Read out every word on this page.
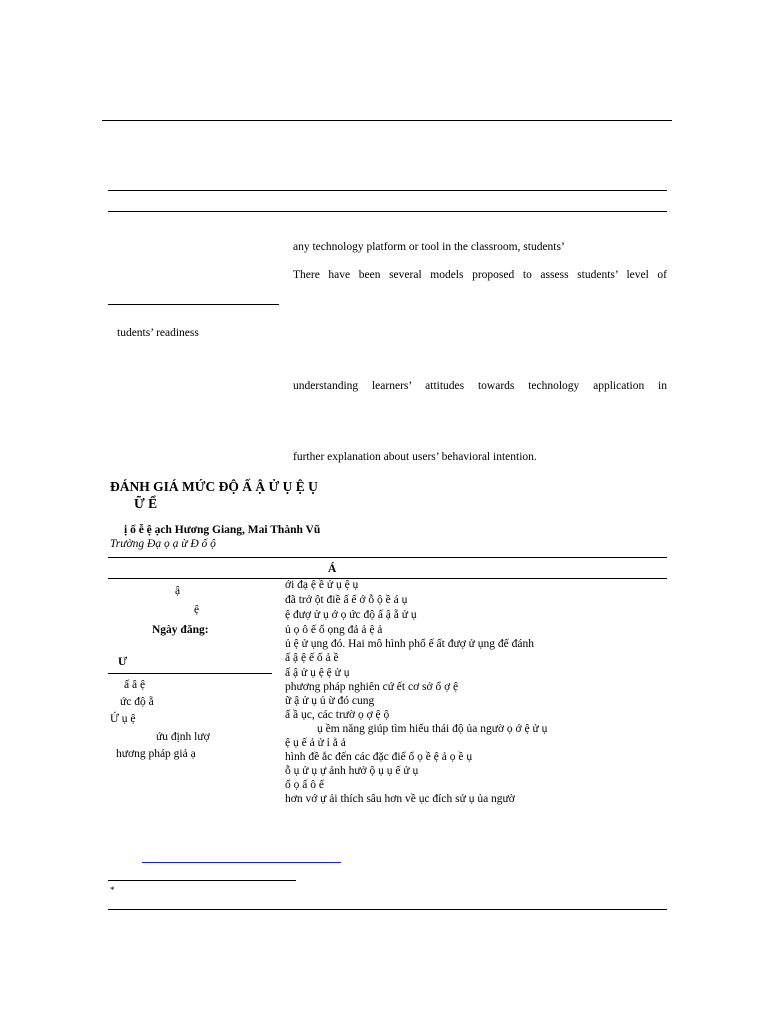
any technology platform or tool in the classroom, students’
There have been several models proposed to assess students’ level of
tudents’ readiness
understanding learners’ attitudes towards technology application in
further explanation about users’ behavioral intention.
ĐÁNH GIÁ MỨC ĐỘ Ấ Ậ Ử Ụ Ệ Ụ
Ữ Ể
ị ổ ễ ệ ạch Hương Giang, Mai Thành Vũ
Trường Đạ ọ ạ ừ Đ ố ộ
Á
ậ
ệ
Ngày đăng:
Ư
ấ â ệ
ức độ ẵ
Ứ ụ ệ
ứu định lượ
hương pháp giả ạ
ới đạ ệ ề ử ụ ệ ụ
đã trở ột điề ấ ế ớ ỗ ộ ề á ụ
ệ đượ ử ụ ớ ọ ức độ ấ ậ ẵ ử ụ
ủ ọ ô ế ổ ọng đả ả ệ ả
ủ ệ ử ụng đó. Hai mô hình phổ ế ất đượ ử ụng để đánh
ấ ậ ệ ế ố ả ề
ấ ậ ử ụ ệ ệ ử ụ
phương pháp nghiên cứ ết cơ sở ổ ợ ệ
ữ ậ ử ụ ủ ừ đó cung
ấ ầ ục, các trườ ọ ợ ệ ộ
ụ ềm năng giúp tìm hiểu thái độ ủa ngườ ọ ớ ệ ử ụ
ệ ụ ế ả ử ỉ ằ ả
hình đề ắc đến các đặc điể ổ ọ ề ệ ả ọ ề ụ
ỗ ụ ử ụ ự ảnh hưở ộ ụ ụ ế ử ụ
ổ ọ ấ ô ế
hơn vớ ự ải thích sâu hơn về ục đích sử ụ ủa ngườ
*
